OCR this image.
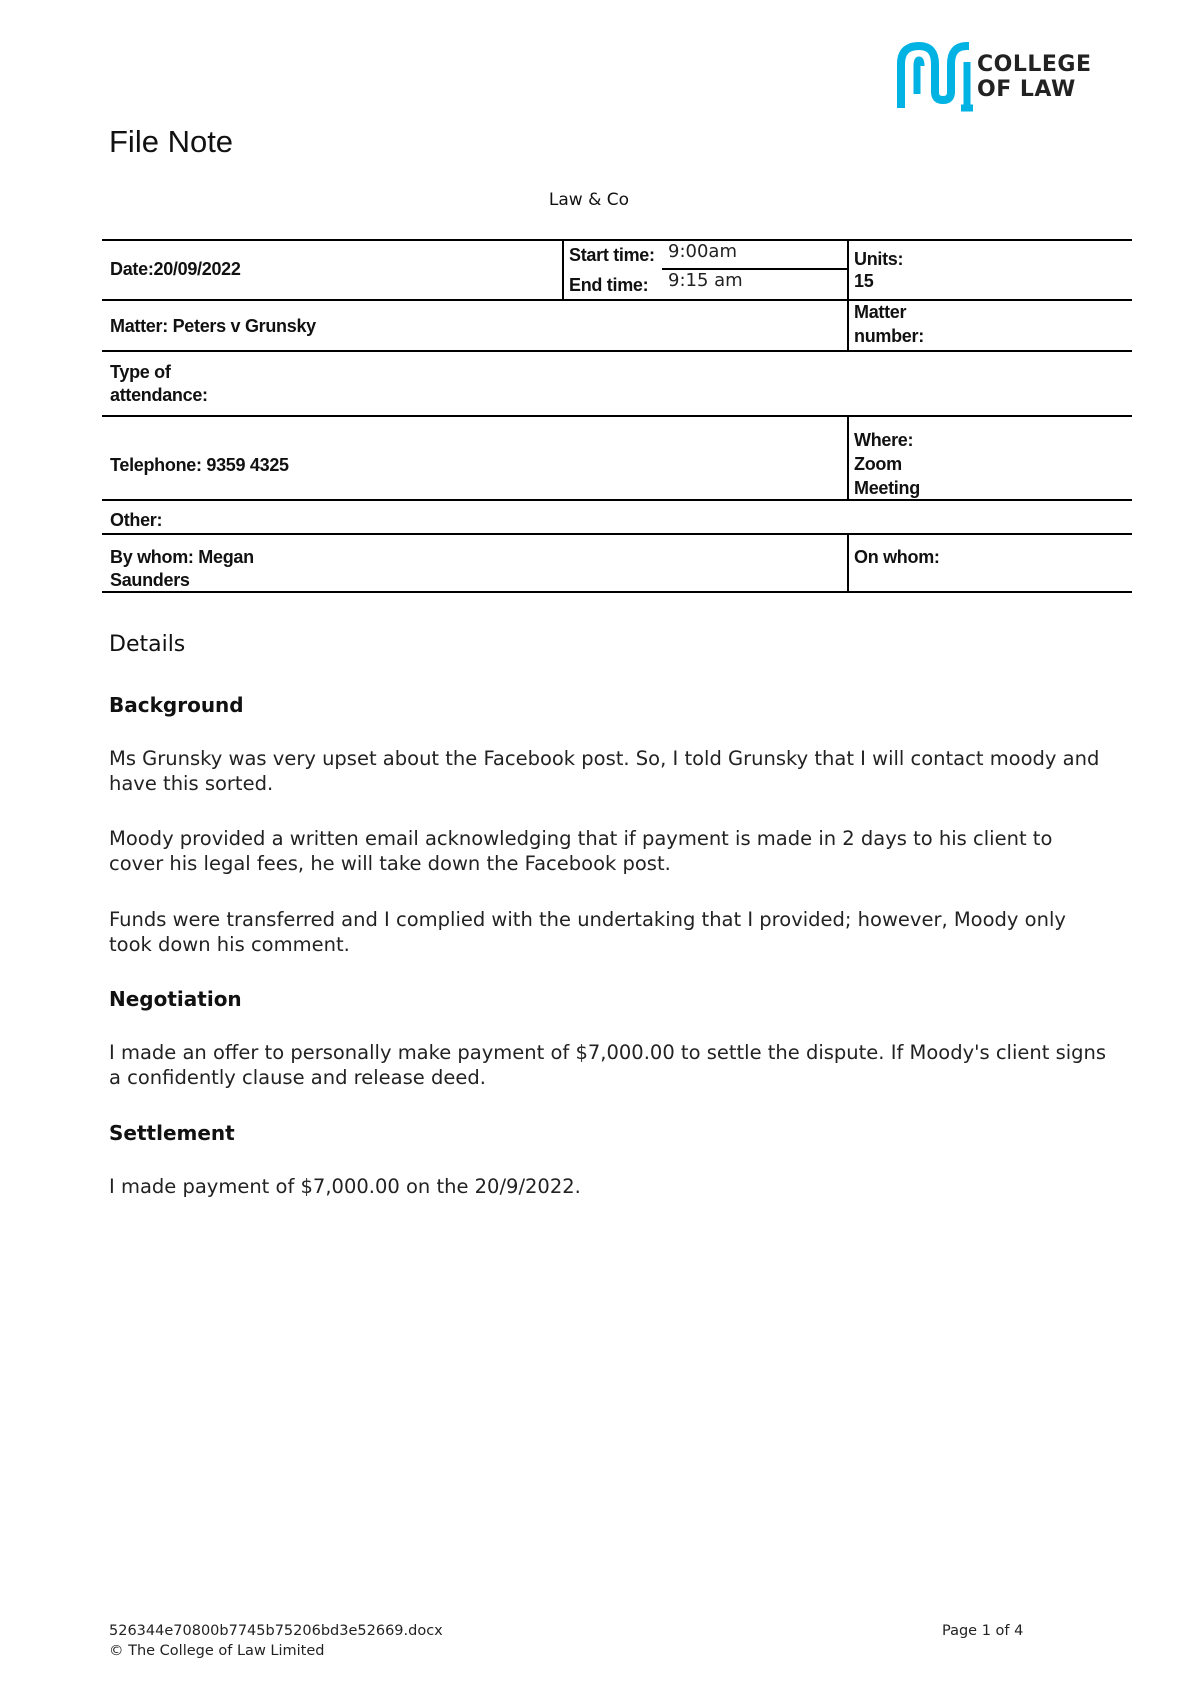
COLLEGE
OF LAW
File Note
Law & Co
Date:20/09/2022
Start time: 9:00am
End time: 9:15 am
Units:
15
Matter: Peters v Grunsky
Matter
number:
Type of
attendance:
Telephone: 9359 4325
Where:
Zoom
Meeting
Other:
By whom: Megan
Saunders
On whom:
Details
Background
Ms Grunsky was very upset about the Facebook post. So, I told Grunsky that I will contact moody and have this sorted.
Moody provided a written email acknowledging that if payment is made in 2 days to his client to cover his legal fees, he will take down the Facebook post.
Funds were transferred and I complied with the undertaking that I provided; however, Moody only took down his comment.
Negotiation
I made an offer to personally make payment of $7,000.00 to settle the dispute. If Moody's client signs a confidently clause and release deed.
Settlement
I made payment of $7,000.00 on the 20/9/2022.
526344e70800b7745b75206bd3e52669.docx
© The College of Law Limited
Page 1 of 4
